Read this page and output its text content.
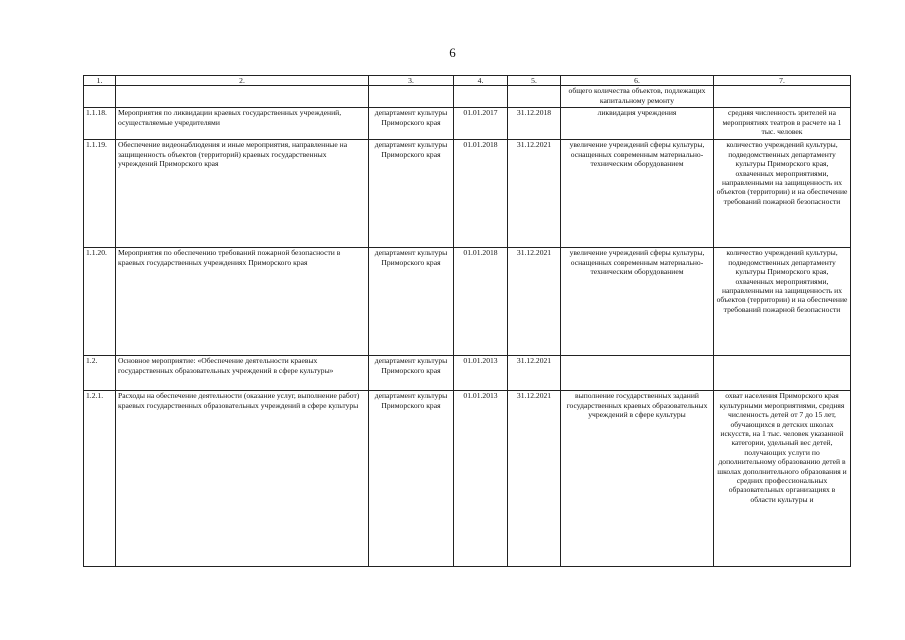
6
1.	2.	3.	4.	5.	6.	7.
					общего количества объектов, подлежащих капитальному ремонту	
1.1.18.	Мероприятия по ликвидации краевых государственных учреждений, осуществляемые учредителями	департамент культуры Приморского края	01.01.2017	31.12.2018	ликвидация учреждения	средняя численность зрителей на мероприятиях театров в расчете на 1 тыс. человек
1.1.19.	Обеспечение видеонаблюдения и иные мероприятия, направленные на защищенность объектов (территорий) краевых государственных учреждений Приморского края	департамент культуры Приморского края	01.01.2018	31.12.2021	увеличение учреждений сферы культуры, оснащенных современным материально-техническим оборудованием	количество учреждений культуры, подведомственных департаменту культуры Приморского края, охваченных мероприятиями, направленными на защищенность их объектов (территории) и на обеспечение требований пожарной безопасности
1.1.20.	Мероприятия по обеспечению требований пожарной безопасности в краевых государственных учреждениях Приморского края	департамент культуры Приморского края	01.01.2018	31.12.2021	увеличение учреждений сферы культуры, оснащенных современным материально-техническим оборудованием	количество учреждений культуры, подведомственных департаменту культуры Приморского края, охваченных мероприятиями, направленными на защищенность их объектов (территории) и на обеспечение требований пожарной безопасности
1.2.	Основное мероприятие: «Обеспечение деятельности краевых государственных образовательных учреждений в сфере культуры»	департамент культуры Приморского края	01.01.2013	31.12.2021		
1.2.1.	Расходы на обеспечение деятельности (оказание услуг, выполнение работ) краевых государственных образовательных учреждений в сфере культуры	департамент культуры Приморского края	01.01.2013	31.12.2021	выполнение государственных заданий государственных краевых образовательных учреждений в сфере культуры	охват населения Приморского края культурными мероприятиями, средняя численность детей от 7 до 15 лет, обучающихся в детских школах искусств, на 1 тыс. человек указанной категории, удельный вес детей, получающих услуги по дополнительному образованию детей в школах дополнительного образования и средних профессиональных образовательных организациях в области культуры и
